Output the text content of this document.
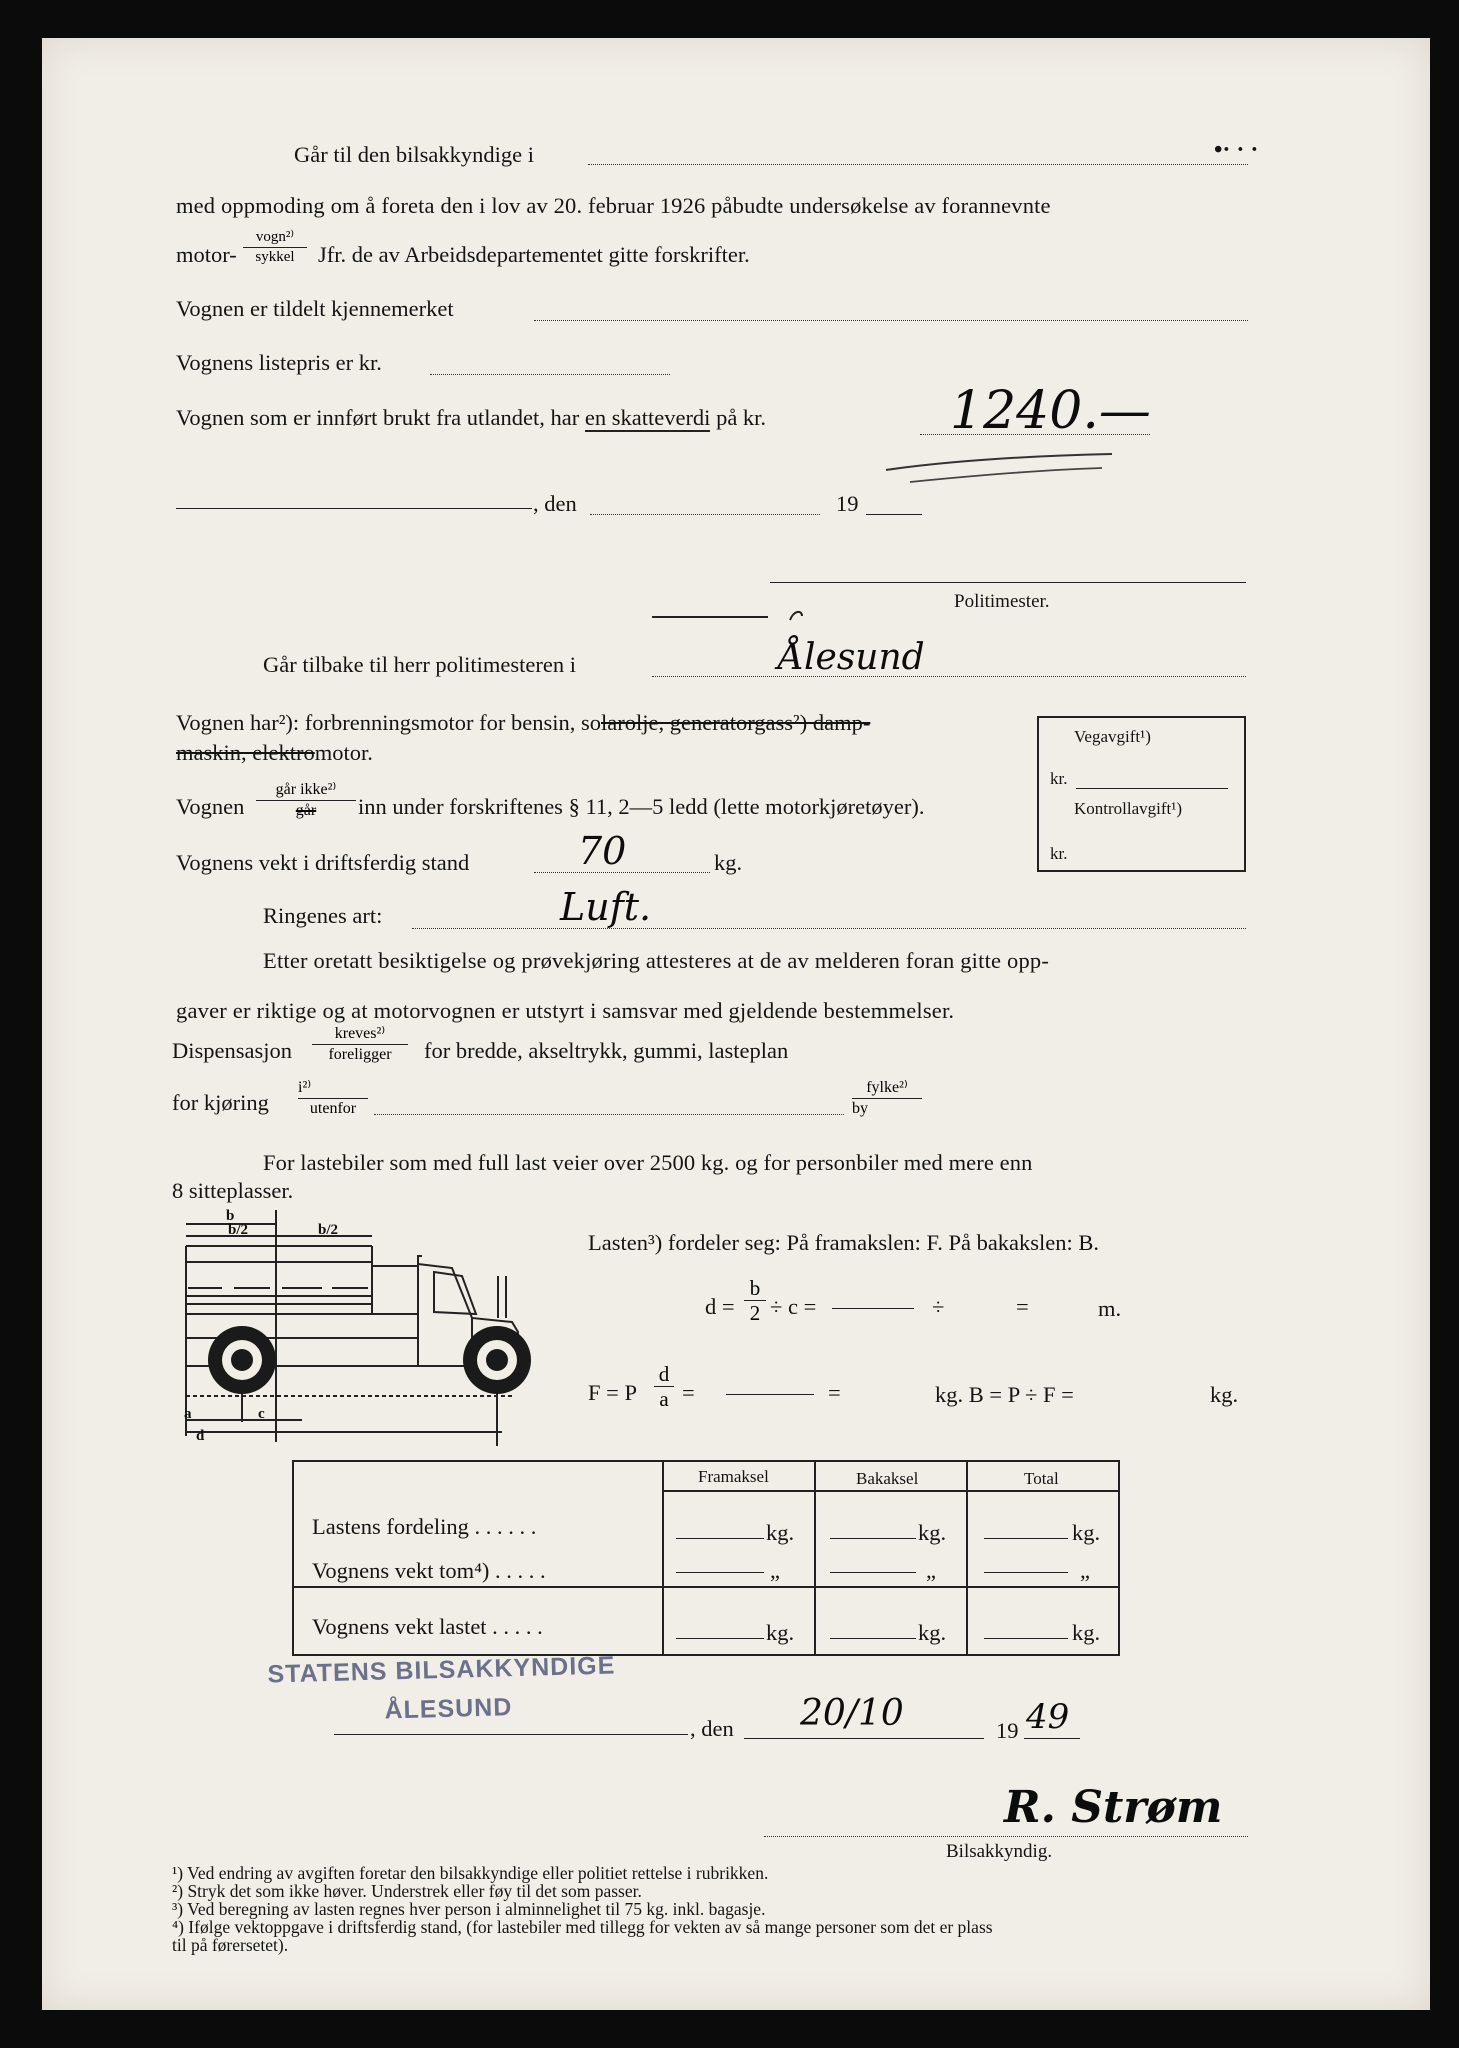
Går til den bilsakkyndige i
med oppmoding om å foreta den i lov av 20. februar 1926 påbudte undersøkelse av forannevnte
motor-
vogn²⁾
sykkel	Jfr. de av Arbeidsdepartementet gitte forskrifter.
Vognen er tildelt kjennemerket
Vognens listepris er kr.
Vognen som er innført brukt fra utlandet, har en skatteverdi på kr.	1240.—
, den	19
Politimester.
Går tilbake til herr politimesteren i	Ålesund
Vognen har²): forbrenningsmotor for bensin, solarolje, generatorgass²) damp-
maskin, elektromotor.
Vognen
går ikke²⁾
går	inn under forskriftenes § 11, 2—5 ledd (lette motorkjøretøyer).
Vognens vekt i driftsferdig stand	70	kg.
Vegavgift¹)
kr.
Kontrollavgift¹)
kr.
Ringenes art:	Luft.
Etter oretatt besiktigelse og prøvekjøring attesteres at de av melderen foran gitte opp-
gaver er riktige og at motorvognen er utstyrt i samsvar med gjeldende bestemmelser.
Dispensasjon
kreves²⁾
foreligger	for bredde, akseltrykk, gummi, lasteplan
for kjøring
i²⁾
utenfor
fylke²⁾
by
For lastebiler som med full last veier over 2500 kg. og for personbiler med mere enn
8 sitteplasser.
b
a
b/2	b/2
c
d
Lasten³) fordeler seg: På framakslen: F. På bakakslen: B.
$d = \frac{b}{2} \div c$ =	÷	=	m.
F = P $\frac{d}{a}$ =	=	kg. B = P ÷ F =	kg.
Framaksel	Bakaksel	Total
Lastens fordeling . . . . . .	kg.	kg.	kg.
Vognens vekt tom⁴) . . . . .	„	„	„
Vognens vekt lastet . . . . .	kg.	kg.	kg.
STATENS BILSAKKYNDIGE
ÅLESUND
, den 20/10	19 49
R. Strøm
Bilsakkyndig.
¹) Ved endring av avgiften foretar den bilsakkyndige eller politiet rettelse i rubrikken.
²) Stryk det som ikke høver. Understrek eller føy til det som passer.
³) Ved beregning av lasten regnes hver person i alminnelighet til 75 kg. inkl. bagasje.
⁴) Ifølge vektoppgave i driftsferdig stand, (for lastebiler med tillegg for vekten av så mange personer som det er plass
til på førersetet).
•· · ·
